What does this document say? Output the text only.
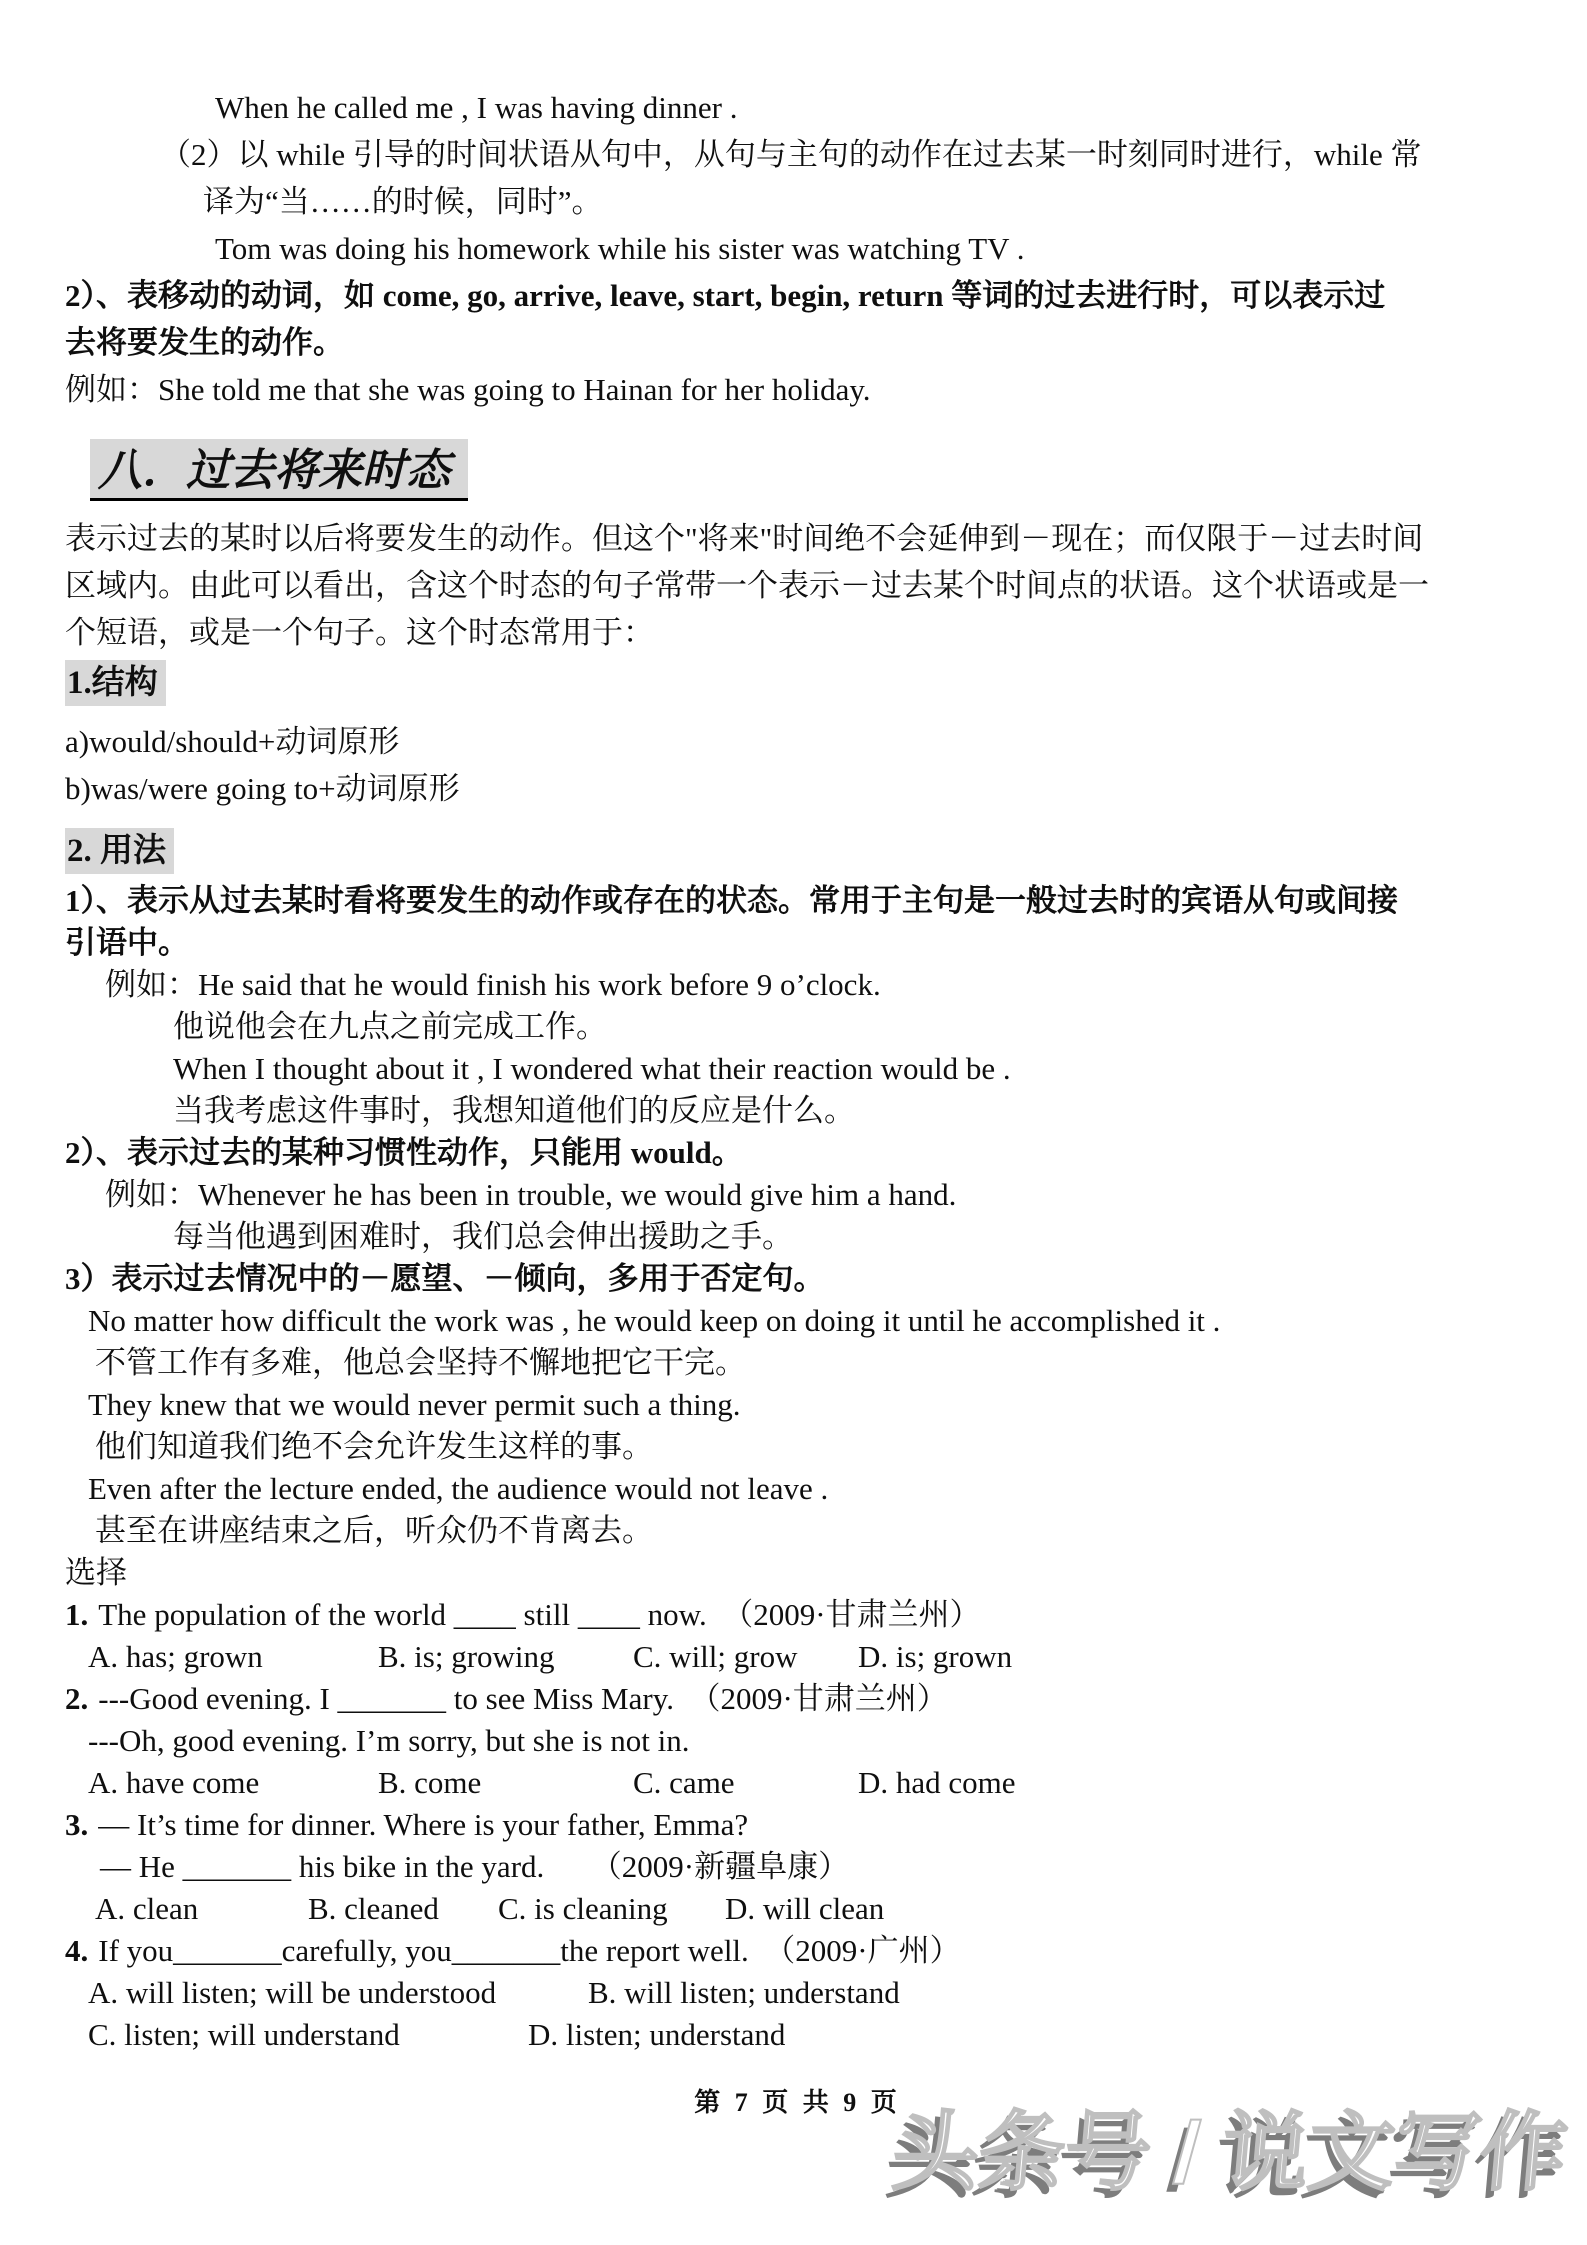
When he called me , I was having dinner .
（2）以 while 引导的时间状语从句中，从句与主句的动作在过去某一时刻同时进行，while 常
译为“当……的时候，同时”。
Tom was doing his homework while his sister was watching TV .
2）、表移动的动词，如 come, go, arrive, leave, start, begin, return 等词的过去进行时，可以表示过
去将要发生的动作。
例如：She told me that she was going to Hainan for her holiday.
八．过去将来时态
表示过去的某时以后将要发生的动作。但这个"将来"时间绝不会延伸到－现在；而仅限于－过去时间
区域内。由此可以看出，含这个时态的句子常带一个表示－过去某个时间点的状语。这个状语或是一
个短语，或是一个句子。这个时态常用于：
1.结构
a)would/should+动词原形
b)was/were going to+动词原形
2. 用法
1）、表示从过去某时看将要发生的动作或存在的状态。常用于主句是一般过去时的宾语从句或间接
引语中。
例如：He said that he would finish his work before 9 o’clock.
他说他会在九点之前完成工作。
When I thought about it , I wondered what their reaction would be .
当我考虑这件事时，我想知道他们的反应是什么。
2）、表示过去的某种习惯性动作，只能用 would。
例如：Whenever he has been in trouble, we would give him a hand.
每当他遇到困难时，我们总会伸出援助之手。
3）表示过去情况中的－愿望、－倾向，多用于否定句。
No matter how difficult the work was , he would keep on doing it until he accomplished it .
不管工作有多难，他总会坚持不懈地把它干完。
They knew that we would never permit such a thing.
他们知道我们绝不会允许发生这样的事。
Even after the lecture ended, the audience would not leave .
甚至在讲座结束之后，听众仍不肯离去。
选择
1. The population of the world ____ still ____ now.　（2009·甘肃兰州）
A. has; grown	B. is; growing	C. will; grow D. is; grown
2. ---Good evening. I _______ to see Miss Mary.　（2009·甘肃兰州）
---Oh, good evening. I’m sorry, but she is not in.
A. have come	B. come	C. came	D. had come
3. — It’s time for dinner. Where is your father, Emma?
— He _______ his bike in the yard.　　（2009·新疆阜康）
A. clean	B. cleaned C. is cleaning D. will clean
4. If you_______carefully, you_______the report well.　（2009·广州）
A. will listen; will be understood	B. will listen; understand
C. listen; will understand	D. listen; understand
第 7 页 共 9 页
头条号 / 说文写作
